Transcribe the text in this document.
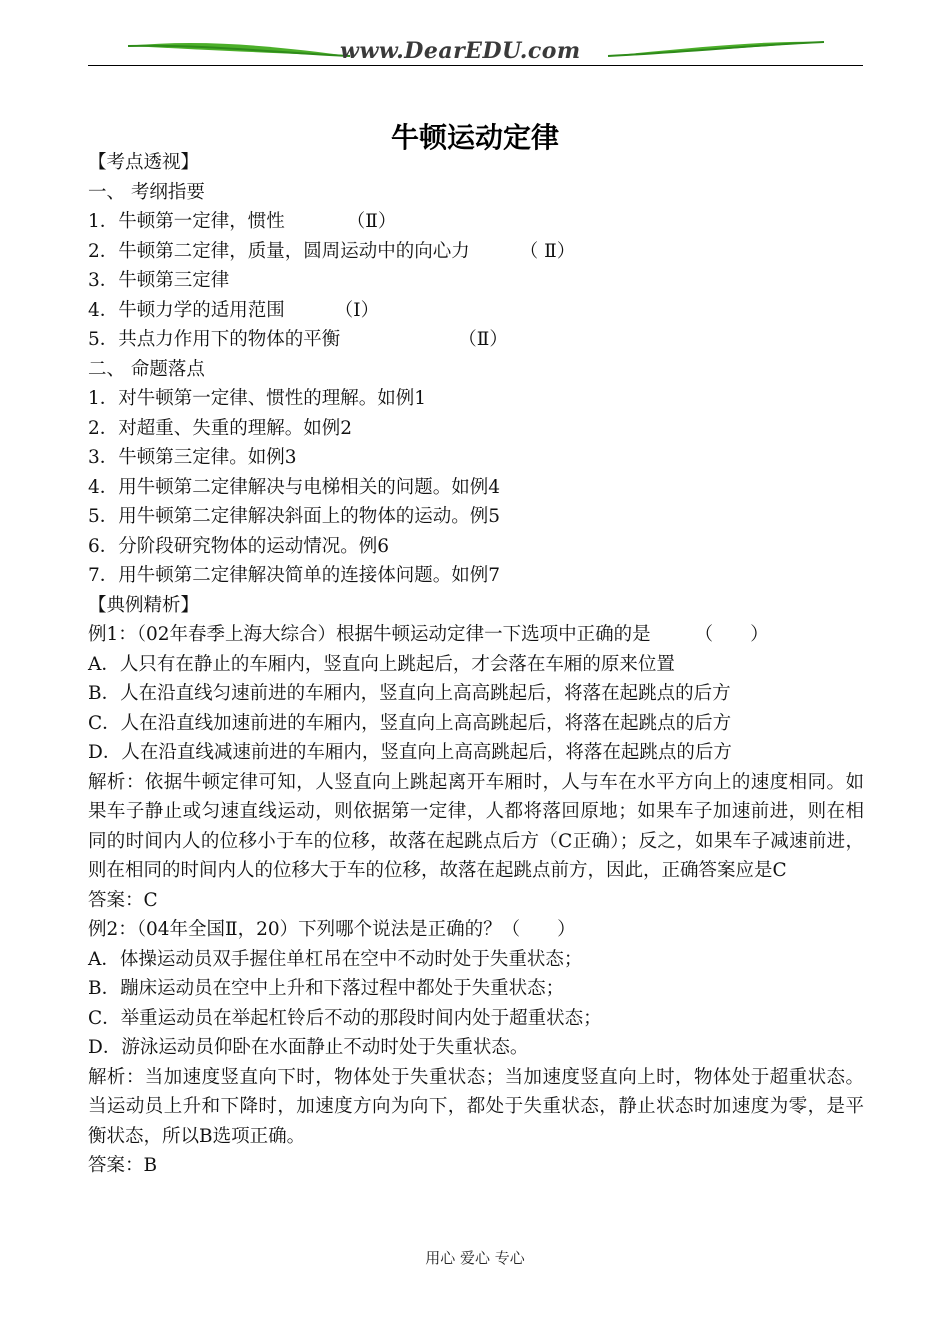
www.DearEDU.com
牛顿运动定律
【考点透视】
一、 考纲指要
1．牛顿第一定律，惯性	（Ⅱ）
2．牛顿第二定律，质量，圆周运动中的向心力	（ Ⅱ）
3．牛顿第三定律
4．牛顿力学的适用范围	（Ⅰ）
5．共点力作用下的物体的平衡	（Ⅱ）
二、 命题落点
1．对牛顿第一定律、惯性的理解。如例1
2．对超重、失重的理解。如例2
3．牛顿第三定律。如例3
4．用牛顿第二定律解决与电梯相关的问题。如例4
5．用牛顿第二定律解决斜面上的物体的运动。例5
6．分阶段研究物体的运动情况。例6
7．用牛顿第二定律解决简单的连接体问题。如例7
【典例精析】
例1：（02年春季上海大综合）根据牛顿运动定律一下选项中正确的是 （　　）
A．人只有在静止的车厢内，竖直向上跳起后，才会落在车厢的原来位置
B．人在沿直线匀速前进的车厢内，竖直向上高高跳起后，将落在起跳点的后方
C．人在沿直线加速前进的车厢内，竖直向上高高跳起后，将落在起跳点的后方
D．人在沿直线减速前进的车厢内，竖直向上高高跳起后，将落在起跳点的后方
解析：依据牛顿定律可知，人竖直向上跳起离开车厢时，人与车在水平方向上的速度相同。如果车子静止或匀速直线运动，则依据第一定律，人都将落回原地；如果车子加速前进，则在相同的时间内人的位移小于车的位移，故落在起跳点后方（C正确）；反之，如果车子减速前进，则在相同的时间内人的位移大于车的位移，故落在起跳点前方，因此，正确答案应是C
答案：C
例2：（04年全国Ⅱ，20）下列哪个说法是正确的？（　　）
A．体操运动员双手握住单杠吊在空中不动时处于失重状态；
B．蹦床运动员在空中上升和下落过程中都处于失重状态；
C．举重运动员在举起杠铃后不动的那段时间内处于超重状态；
D．游泳运动员仰卧在水面静止不动时处于失重状态。
解析：当加速度竖直向下时，物体处于失重状态；当加速度竖直向上时，物体处于超重状态。当运动员上升和下降时，加速度方向为向下，都处于失重状态，静止状态时加速度为零，是平衡状态，所以B选项正确。
答案：B
用心 爱心 专心
